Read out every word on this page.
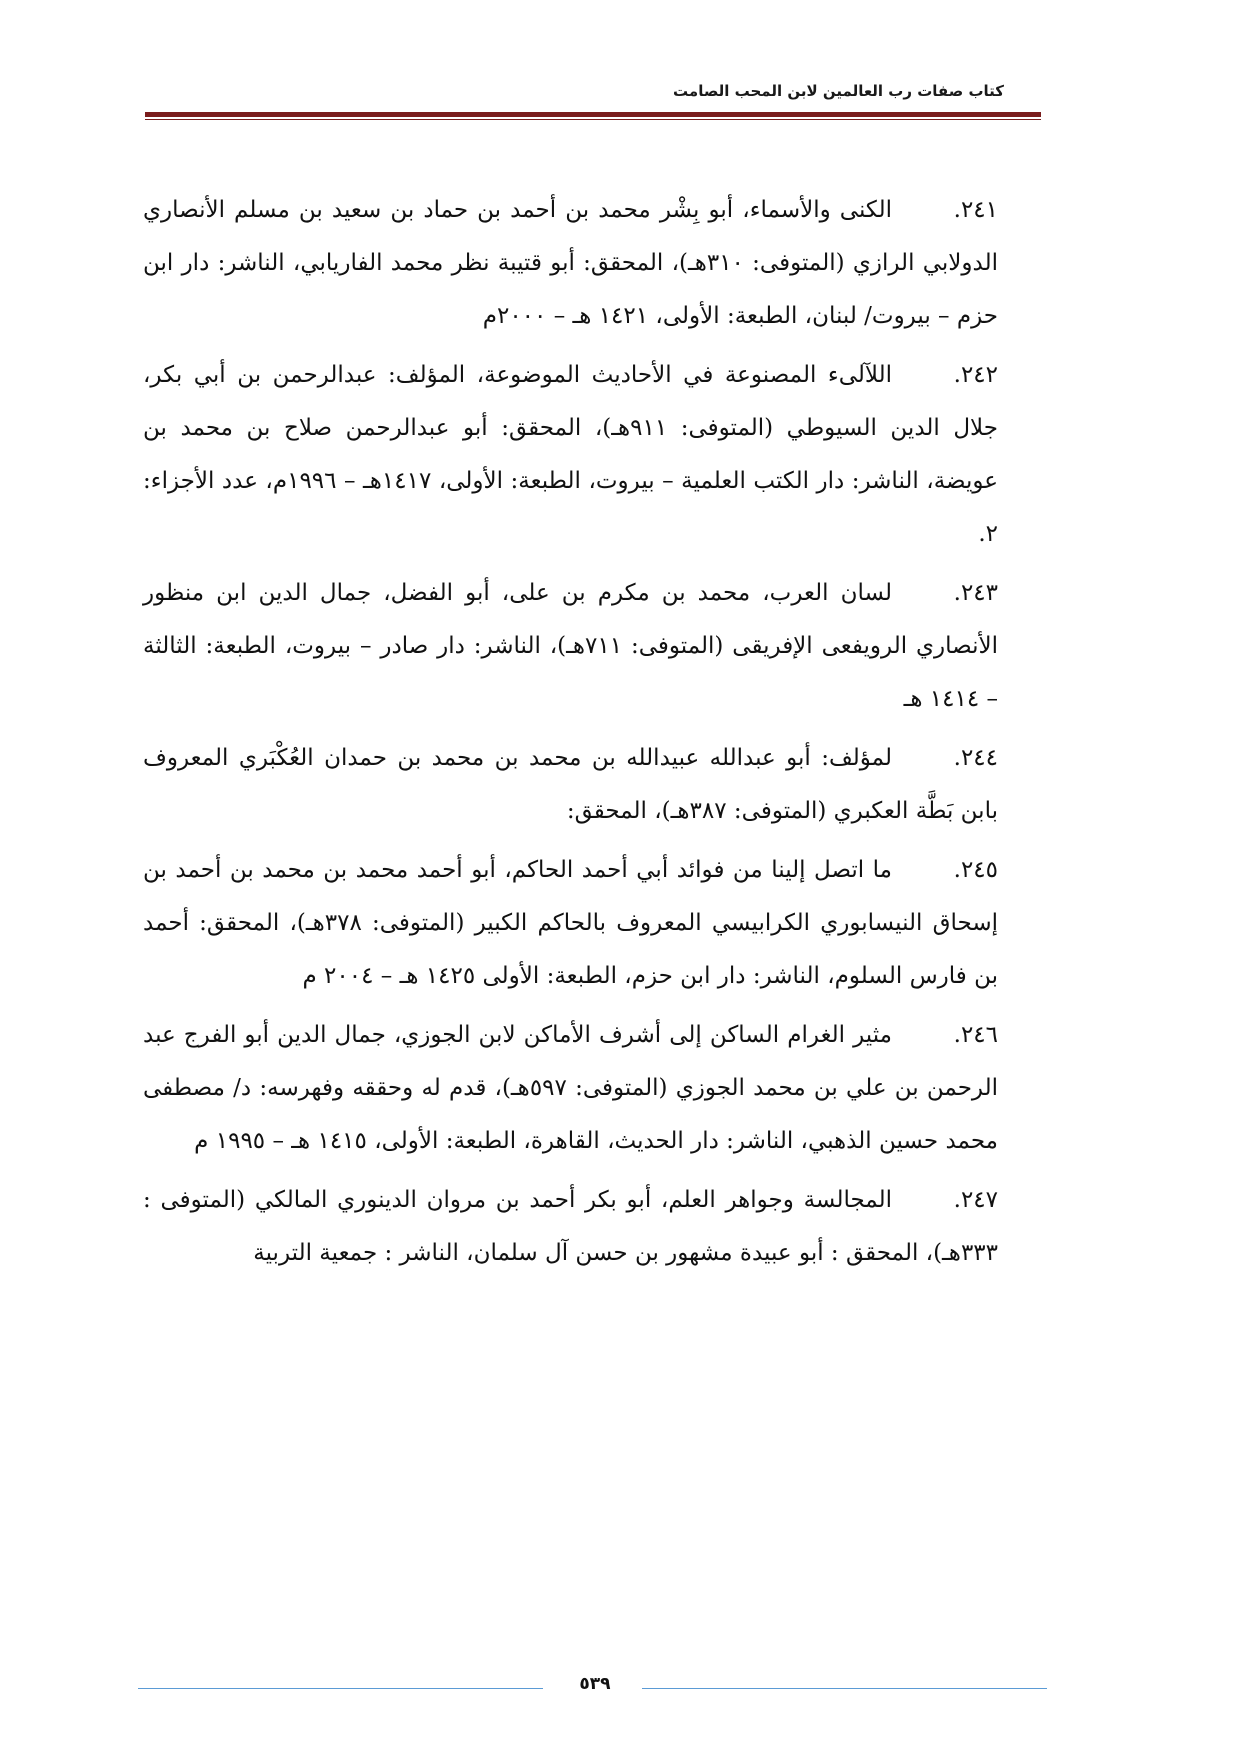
كتاب صفات رب العالمين لابن المحب الصامت

٢٤١.الكنى والأسماء، أبو بِشْر محمد بن أحمد بن حماد بن سعيد بن مسلم الأنصاري الدولابي الرازي (المتوفى: ٣١٠هـ)، المحقق: أبو قتيبة نظر محمد الفاريابي، الناشر: دار ابن حزم – بيروت/ لبنان، الطبعة: الأولى، ١٤٢١ هـ – ٢٠٠٠م

٢٤٢.اللآلىء المصنوعة في الأحاديث الموضوعة، المؤلف: عبدالرحمن بن أبي بكر، جلال الدين السيوطي (المتوفى: ٩١١هـ)، المحقق: أبو عبدالرحمن صلاح بن محمد بن عويضة، الناشر: دار الكتب العلمية – بيروت، الطبعة: الأولى، ١٤١٧هـ – ١٩٩٦م، عدد الأجزاء: ٢.

٢٤٣.لسان العرب، محمد بن مكرم بن على، أبو الفضل، جمال الدين ابن منظور الأنصاري الرويفعى الإفريقى (المتوفى: ٧١١هـ)، الناشر: دار صادر – بيروت، الطبعة: الثالثة – ١٤١٤ هـ

٢٤٤.لمؤلف: أبو عبدالله عبيدالله بن محمد بن محمد بن حمدان العُكْبَري المعروف بابن بَطَّة العكبري (المتوفى: ٣٨٧هـ)، المحقق:

٢٤٥.ما اتصل إلينا من فوائد أبي أحمد الحاكم، أبو أحمد محمد بن محمد بن أحمد بن إسحاق النيسابوري الكرابيسي المعروف بالحاكم الكبير (المتوفى: ٣٧٨هـ)، المحقق: أحمد بن فارس السلوم، الناشر: دار ابن حزم، الطبعة: الأولى ١٤٢٥ هـ – ٢٠٠٤ م

٢٤٦.مثير الغرام الساكن إلى أشرف الأماكن لابن الجوزي، جمال الدين أبو الفرج عبد الرحمن بن علي بن محمد الجوزي (المتوفى: ٥٩٧هـ)، قدم له وحققه وفهرسه: د/ مصطفى محمد حسين الذهبي، الناشر: دار الحديث، القاهرة، الطبعة: الأولى، ١٤١٥ هـ – ١٩٩٥ م

٢٤٧.المجالسة وجواهر العلم، أبو بكر أحمد بن مروان الدينوري المالكي (المتوفى : ٣٣٣هـ)، المحقق : أبو عبيدة مشهور بن حسن آل سلمان، الناشر : جمعية التربية

٥٣٩
